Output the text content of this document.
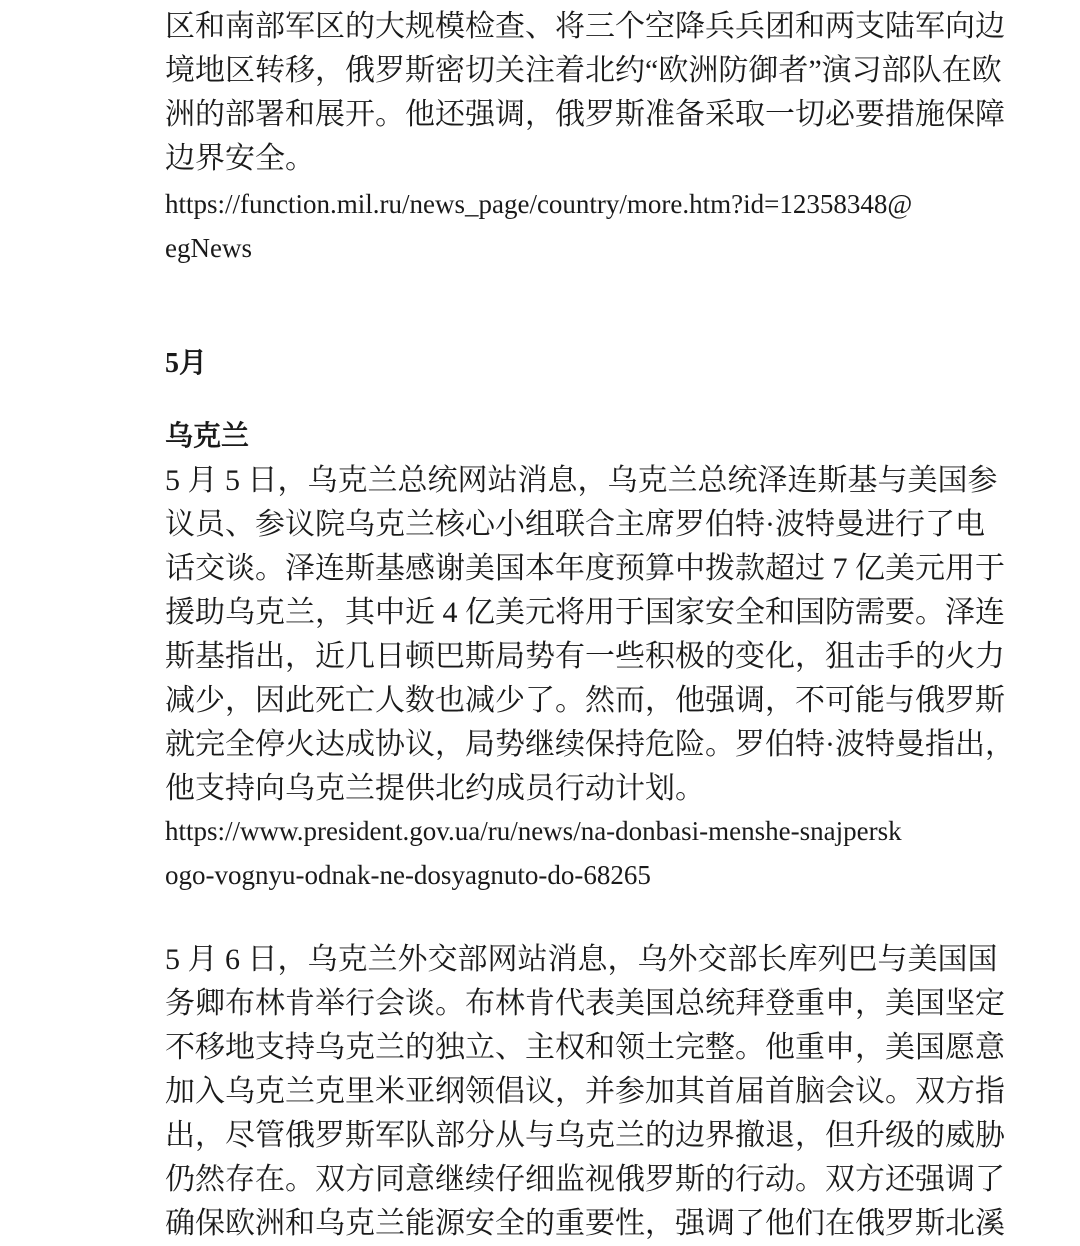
区和南部军区的大规模检查、将三个空降兵兵团和两支陆军向边
境地区转移，俄罗斯密切关注着北约“欧洲防御者”演习部队在欧
洲的部署和展开。他还强调，俄罗斯准备采取一切必要措施保障
边界安全。
https://function.mil.ru/news_page/country/more.htm?id=12358348@
egNews
5月
乌克兰
5 月 5 日，乌克兰总统网站消息，乌克兰总统泽连斯基与美国参
议员、参议院乌克兰核心小组联合主席罗伯特·波特曼进行了电
话交谈。泽连斯基感谢美国本年度预算中拨款超过 7 亿美元用于
援助乌克兰，其中近 4 亿美元将用于国家安全和国防需要。泽连
斯基指出，近几日顿巴斯局势有一些积极的变化，狙击手的火力
减少，因此死亡人数也减少了。然而，他强调，不可能与俄罗斯
就完全停火达成协议，局势继续保持危险。罗伯特·波特曼指出，
他支持向乌克兰提供北约成员行动计划。
https://www.president.gov.ua/ru/news/na-donbasi-menshe-snajpersk
ogo-vognyu-odnak-ne-dosyagnuto-do-68265
5 月 6 日，乌克兰外交部网站消息，乌外交部长库列巴与美国国
务卿布林肯举行会谈。布林肯代表美国总统拜登重申，美国坚定
不移地支持乌克兰的独立、主权和领土完整。他重申，美国愿意
加入乌克兰克里米亚纲领倡议，并参加其首届首脑会议。双方指
出，尽管俄罗斯军队部分从与乌克兰的边界撤退，但升级的威胁
仍然存在。双方同意继续仔细监视俄罗斯的行动。双方还强调了
确保欧洲和乌克兰能源安全的重要性，强调了他们在俄罗斯北溪
